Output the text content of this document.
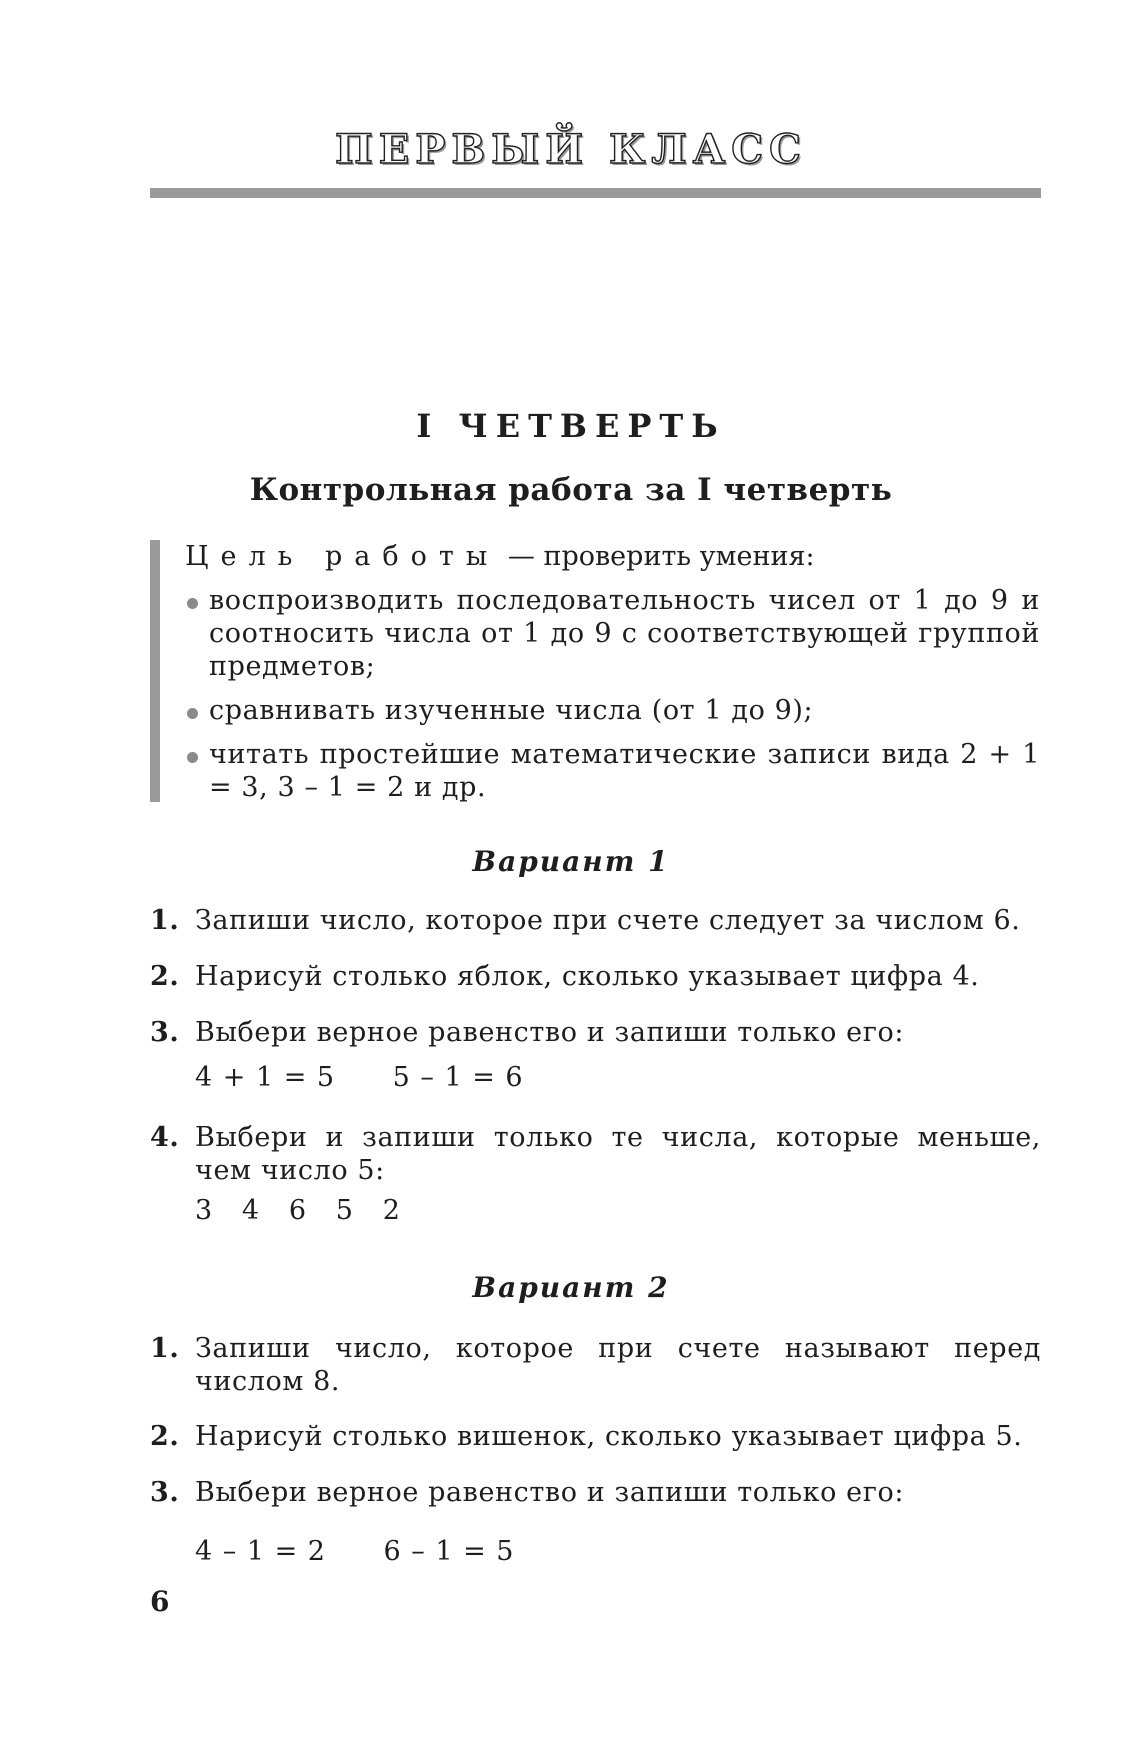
ПЕРВЫЙ КЛАСС
I ЧЕТВЕРТЬ
Контрольная работа за I четверть
Цель работы — проверить умения:
воспроизводить последовательность чисел от 1 до 9 и соотносить числа от 1 до 9 с соответствующей группой предметов;
сравнивать изученные числа (от 1 до 9);
читать простейшие математические записи вида 2 + 1 = 3, 3 – 1 = 2 и др.
Вариант 1
1. Запиши число, которое при счете следует за числом 6.
2. Нарисуй столько яблок, сколько указывает цифра 4.
3. Выбери верное равенство и запиши только его:
4 + 1 = 5      5 – 1 = 6
4. Выбери и запиши только те числа, которые меньше, чем число 5:
3   4   6   5   2
Вариант 2
1. Запиши число, которое при счете называют перед числом 8.
2. Нарисуй столько вишенок, сколько указывает цифра 5.
3. Выбери верное равенство и запиши только его:
4 – 1 = 2      6 – 1 = 5
6
